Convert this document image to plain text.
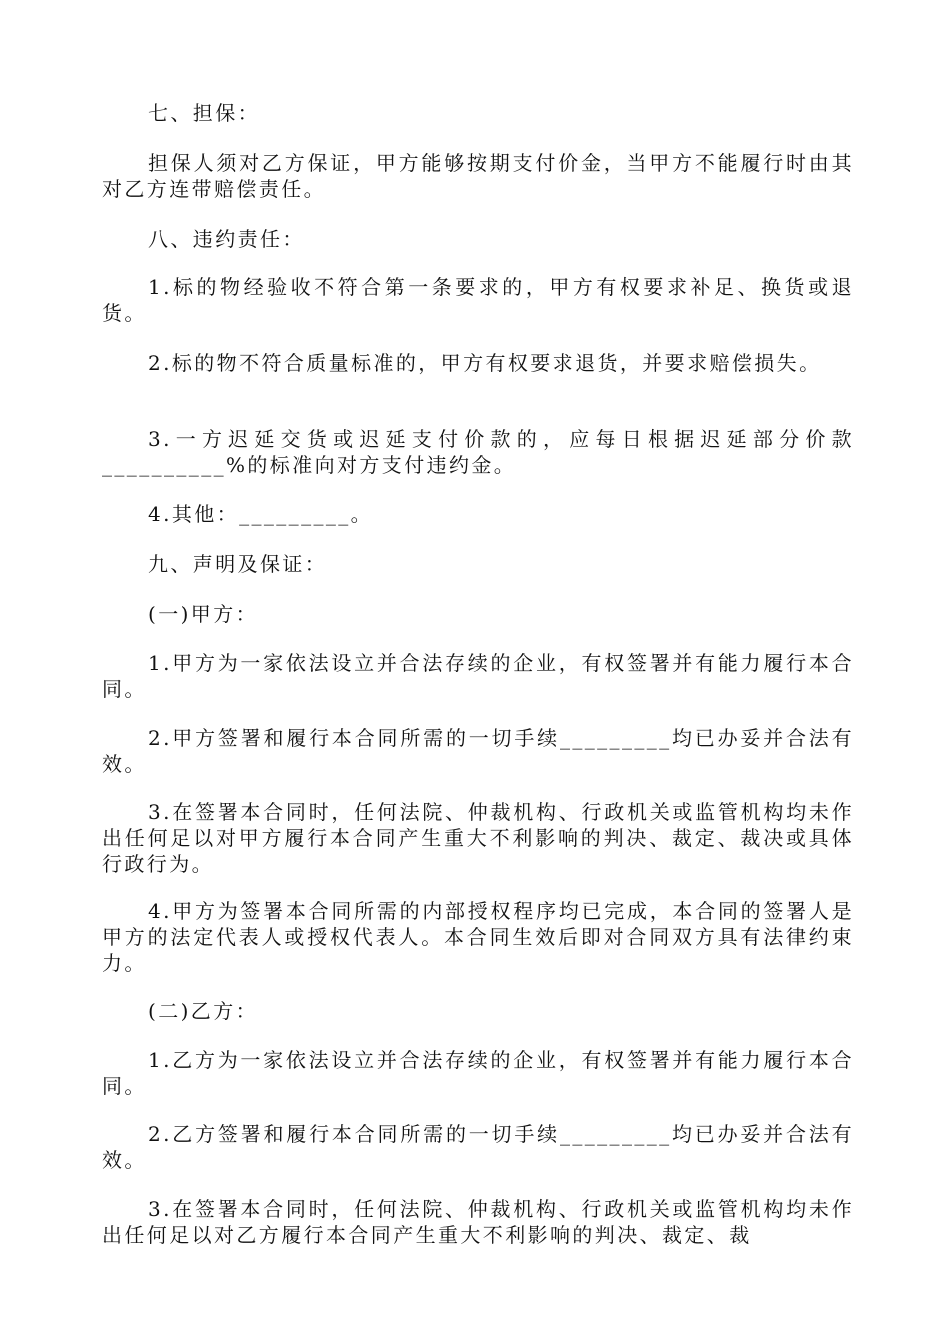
七、担保：
担保人须对乙方保证，甲方能够按期支付价金，当甲方不能履行时由其对乙方连带赔偿责任。
八、违约责任：
1.标的物经验收不符合第一条要求的，甲方有权要求补足、换货或退货。
2.标的物不符合质量标准的，甲方有权要求退货，并要求赔偿损失。
3.一方迟延交货或迟延支付价款的，应每日根据迟延部分价款__________%的标准向对方支付违约金。
4.其他：_________。
九、声明及保证：
(一)甲方：
1.甲方为一家依法设立并合法存续的企业，有权签署并有能力履行本合同。
2.甲方签署和履行本合同所需的一切手续_________均已办妥并合法有效。
3.在签署本合同时，任何法院、仲裁机构、行政机关或监管机构均未作出任何足以对甲方履行本合同产生重大不利影响的判决、裁定、裁决或具体行政行为。
4.甲方为签署本合同所需的内部授权程序均已完成，本合同的签署人是甲方的法定代表人或授权代表人。本合同生效后即对合同双方具有法律约束力。
(二)乙方：
1.乙方为一家依法设立并合法存续的企业，有权签署并有能力履行本合同。
2.乙方签署和履行本合同所需的一切手续_________均已办妥并合法有效。
3.在签署本合同时，任何法院、仲裁机构、行政机关或监管机构均未作出任何足以对乙方履行本合同产生重大不利影响的判决、裁定、裁
